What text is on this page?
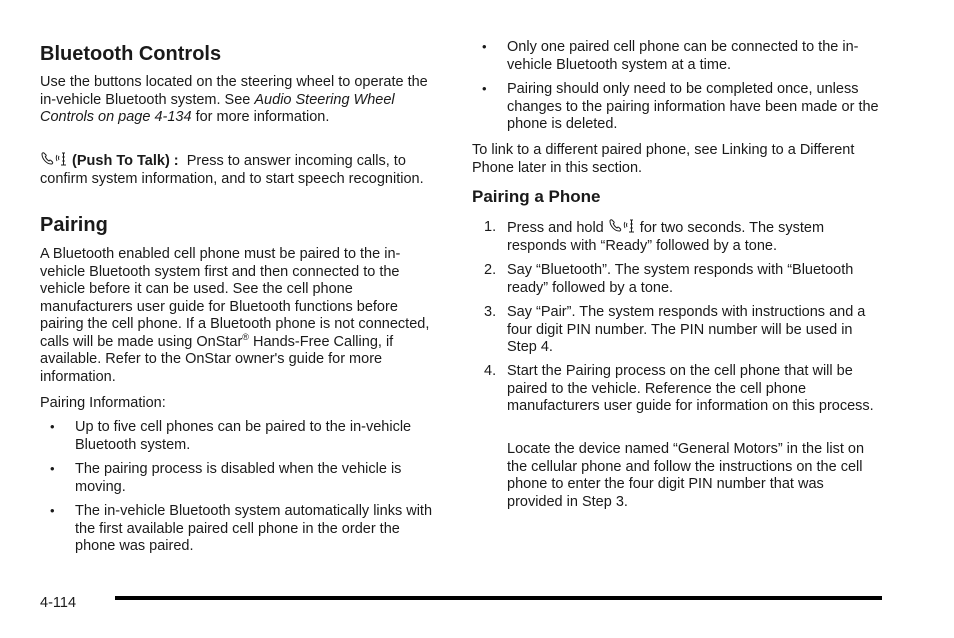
Bluetooth Controls

Use the buttons located on the steering wheel to operate the in-vehicle Bluetooth system. See Audio Steering Wheel Controls on page 4-134 for more information.

(Push To Talk) : Press to answer incoming calls, to confirm system information, and to start speech recognition.

Pairing

A Bluetooth enabled cell phone must be paired to the in-vehicle Bluetooth system first and then connected to the vehicle before it can be used. See the cell phone manufacturers user guide for Bluetooth functions before pairing the cell phone. If a Bluetooth phone is not connected, calls will be made using OnStar® Hands-Free Calling, if available. Refer to the OnStar owner's guide for more information.

Pairing Information:

• Up to five cell phones can be paired to the in-vehicle Bluetooth system.
• The pairing process is disabled when the vehicle is moving.
• The in-vehicle Bluetooth system automatically links with the first available paired cell phone in the order the phone was paired.
• Only one paired cell phone can be connected to the in-vehicle Bluetooth system at a time.
• Pairing should only need to be completed once, unless changes to the pairing information have been made or the phone is deleted.

To link to a different paired phone, see Linking to a Different Phone later in this section.

Pairing a Phone
1. Press and hold  for two seconds. The system responds with “Ready” followed by a tone.
2. Say “Bluetooth”. The system responds with “Bluetooth ready” followed by a tone.
3. Say “Pair”. The system responds with instructions and a four digit PIN number. The PIN number will be used in Step 4.
4. Start the Pairing process on the cell phone that will be paired to the vehicle. Reference the cell phone manufacturers user guide for information on this process.

Locate the device named “General Motors” in the list on the cellular phone and follow the instructions on the cell phone to enter the four digit PIN number that was provided in Step 3.

4-114
